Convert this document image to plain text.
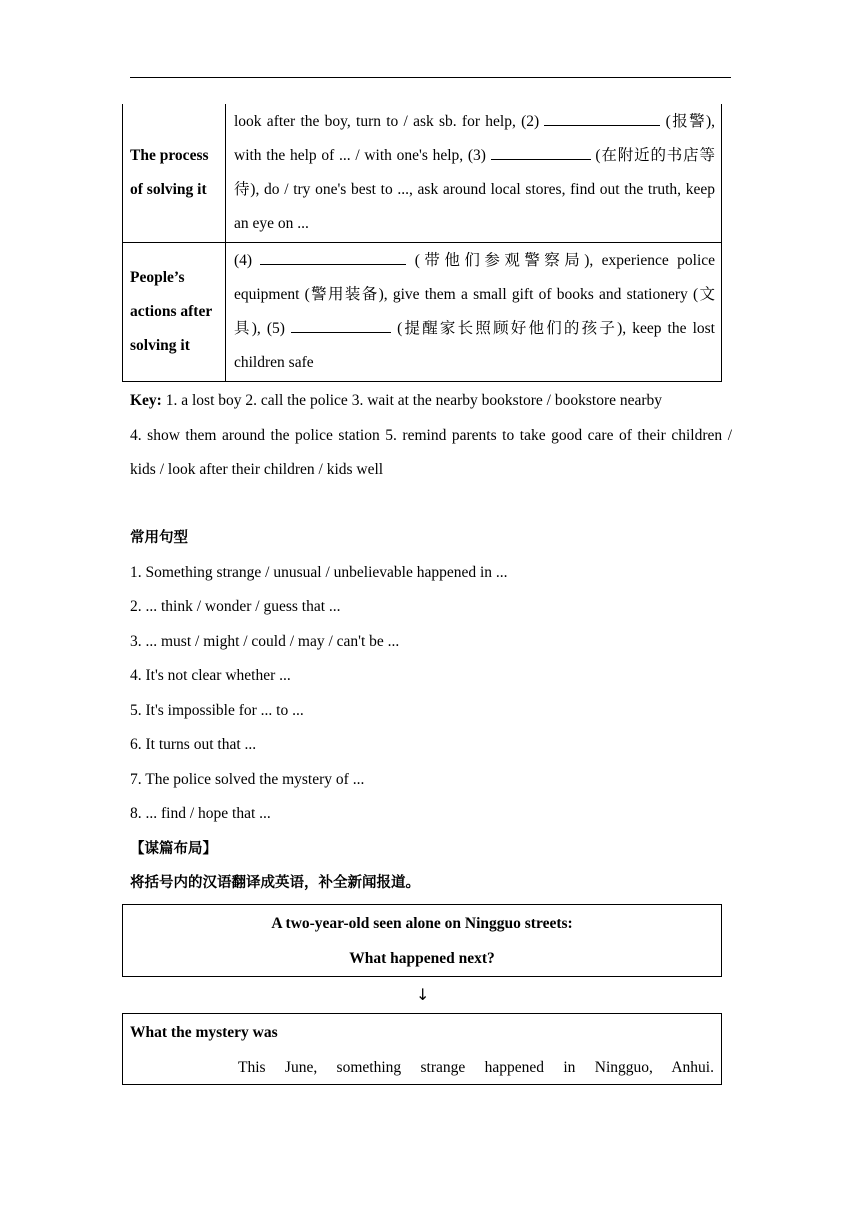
The process of solving it	look after the boy, turn to / ask sb. for help, (2) (报警), with the help of ... / with one's help, (3) (在附近的书店等待), do / try one's best to ..., ask around local stores, find out the truth, keep an eye on ...
People’s actions after solving it	(4) (带他们参观警察局), experience police equipment (警用装备), give them a small gift of books and stationery (文具), (5) (提醒家长照顾好他们的孩子), keep the lost children safe

Key: 1. a lost boy 2. call the police 3. wait at the nearby bookstore / bookstore nearby

4. show them around the police station 5. remind parents to take good care of their children / kids / look after their children / kids well

常用句型

1. Something strange / unusual / unbelievable happened in ...

2. ... think / wonder / guess that ...

3. ... must / might / could / may / can't be ...

4. It's not clear whether ...

5. It's impossible for ... to ...

6. It turns out that ...

7. The police solved the mystery of ...

8. ... find / hope that ...

【谋篇布局】

将括号内的汉语翻译成英语，补全新闻报道。

A two-year-old seen alone on Ningguo streets:
What happened next?
↓
What the mystery was
This June, something strange happened in Ningguo, Anhui.
